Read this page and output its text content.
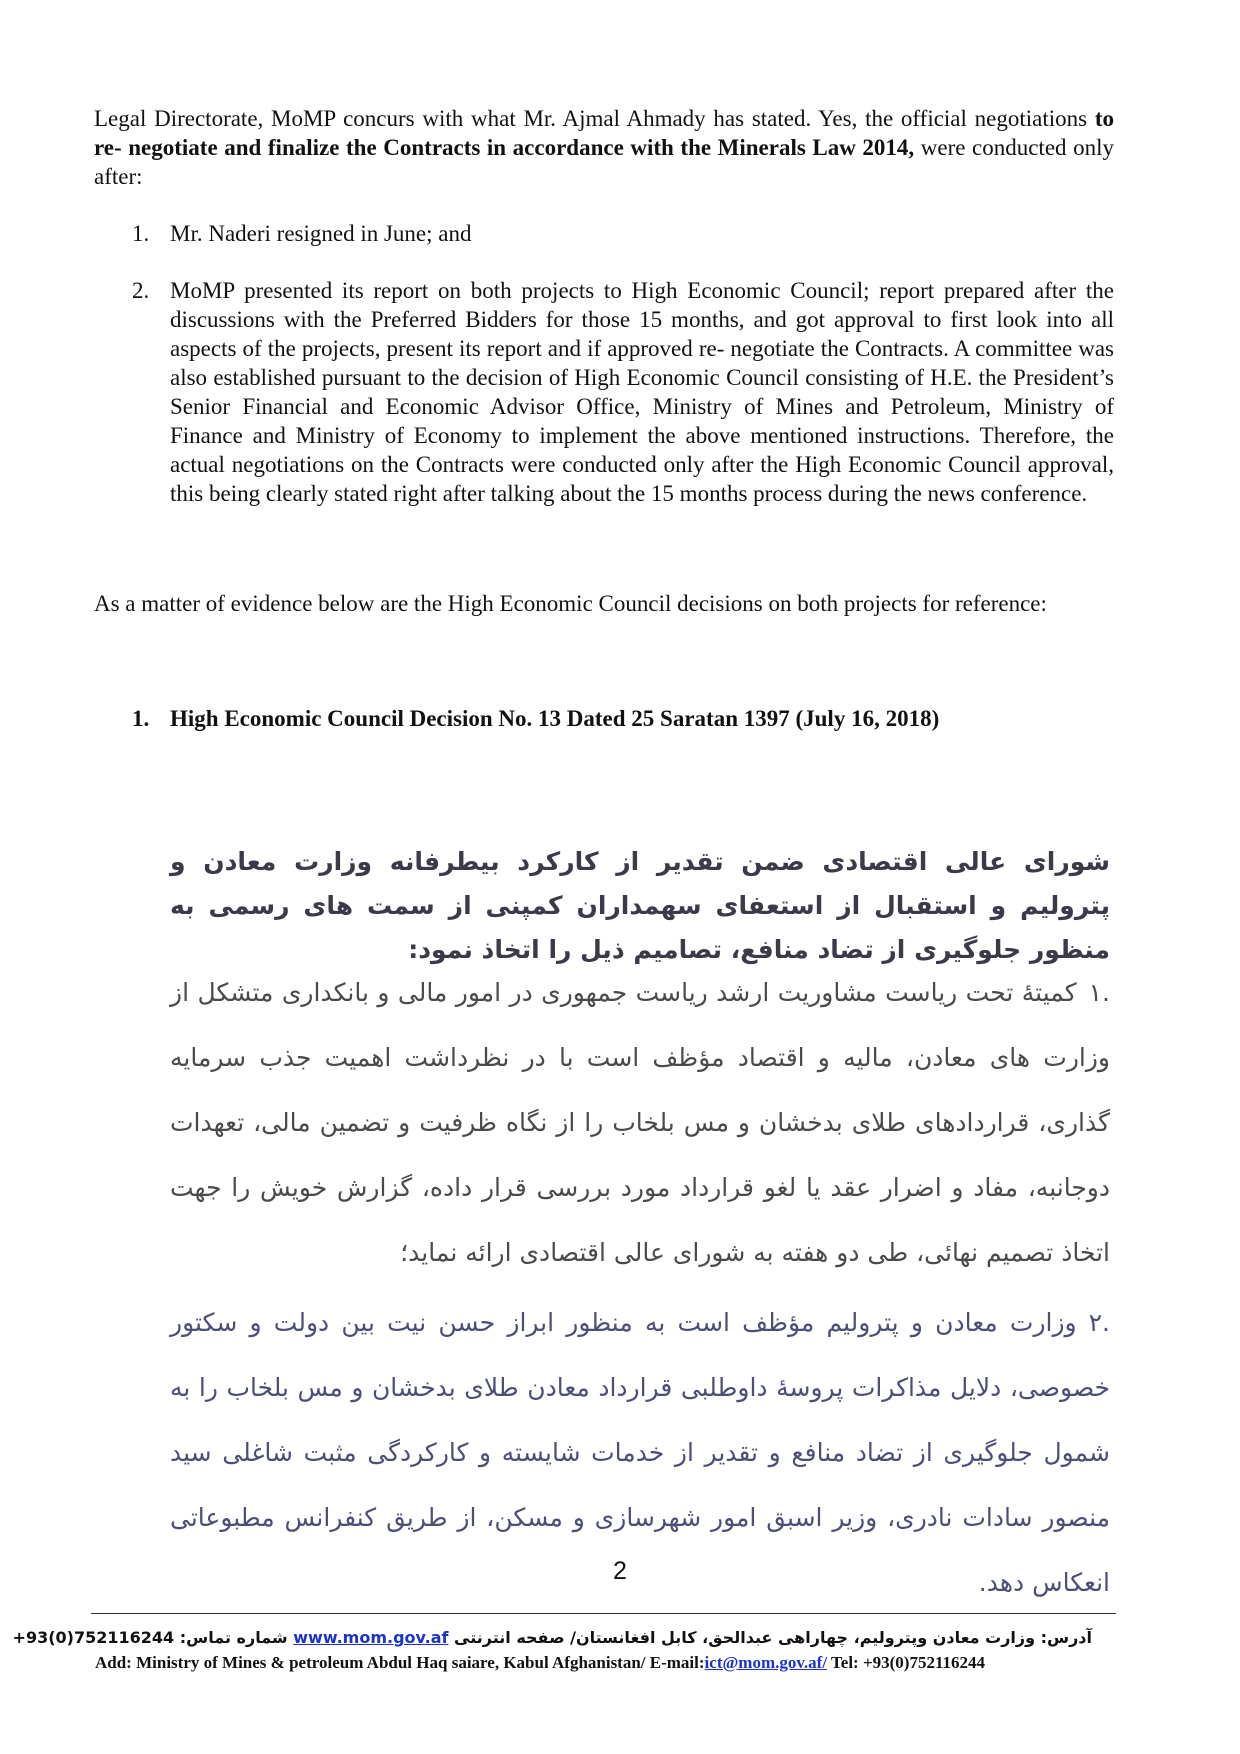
Legal Directorate, MoMP concurs with what Mr. Ajmal Ahmady has stated. Yes, the official negotiations to re- negotiate and finalize the Contracts in accordance with the Minerals Law 2014, were conducted only after:

1. Mr. Naderi resigned in June; and
2. MoMP presented its report on both projects to High Economic Council; report prepared after the discussions with the Preferred Bidders for those 15 months, and got approval to first look into all aspects of the projects, present its report and if approved re- negotiate the Contracts. A committee was also established pursuant to the decision of High Economic Council consisting of H.E. the President’s Senior Financial and Economic Advisor Office, Ministry of Mines and Petroleum, Ministry of Finance and Ministry of Economy to implement the above mentioned instructions. Therefore, the actual negotiations on the Contracts were conducted only after the High Economic Council approval, this being clearly stated right after talking about the 15 months process during the news conference.

As a matter of evidence below are the High Economic Council decisions on both projects for reference:

1. High Economic Council Decision No. 13 Dated 25 Saratan 1397 (July 16, 2018)

شورای عالی اقتصادی ضمن تقدیر از کارکرد بیطرفانه وزارت معادن و پترولیم و استقبال از استعفای سهمداران کمپنی از سمت های رسمی به منظور جلوگیری از تضاد منافع، تصامیم ذیل را اتخاذ نمود:

.۱کمیتهٔ تحت ریاست مشاوریت ارشد ریاست جمهوری در امور مالی و بانکداری متشکل از وزارت های معادن، مالیه و اقتصاد مؤظف است با در نظرداشت اهمیت جذب سرمایه گذاری، قراردادهای طلای بدخشان و مس بلخاب را از نگاه ظرفیت و تضمین مالی، تعهدات دوجانبه، مفاد و اضرار عقد یا لغو قرارداد مورد بررسی قرار داده، گزارش خویش را جهت اتخاذ تصمیم نهائی، طی دو هفته به شورای عالی اقتصادی ارائه نماید؛

.۲وزارت معادن و پترولیم مؤظف است به منظور ابراز حسن نیت بین دولت و سکتور خصوصی، دلایل مذاکرات پروسهٔ داوطلبی قرارداد معادن طلای بدخشان و مس بلخاب را به شمول جلوگیری از تضاد منافع و تقدیر از خدمات شایسته و کارکردگی مثبت شاغلی سید منصور سادات نادری، وزیر اسبق امور شهرسازی و مسکن، از طریق کنفرانس مطبوعاتی انعکاس دهد.

2
آدرس: وزارت معادن وپترولیم، چهاراهی عبدالحق، کابل افغانستان/ صفحه انترنتی www.mom.gov.af شماره تماس: +93(0)752116244
Add: Ministry of Mines & petroleum Abdul Haq saiare, Kabul Afghanistan/ E-mail:ict@mom.gov.af/ Tel: +93(0)752116244
